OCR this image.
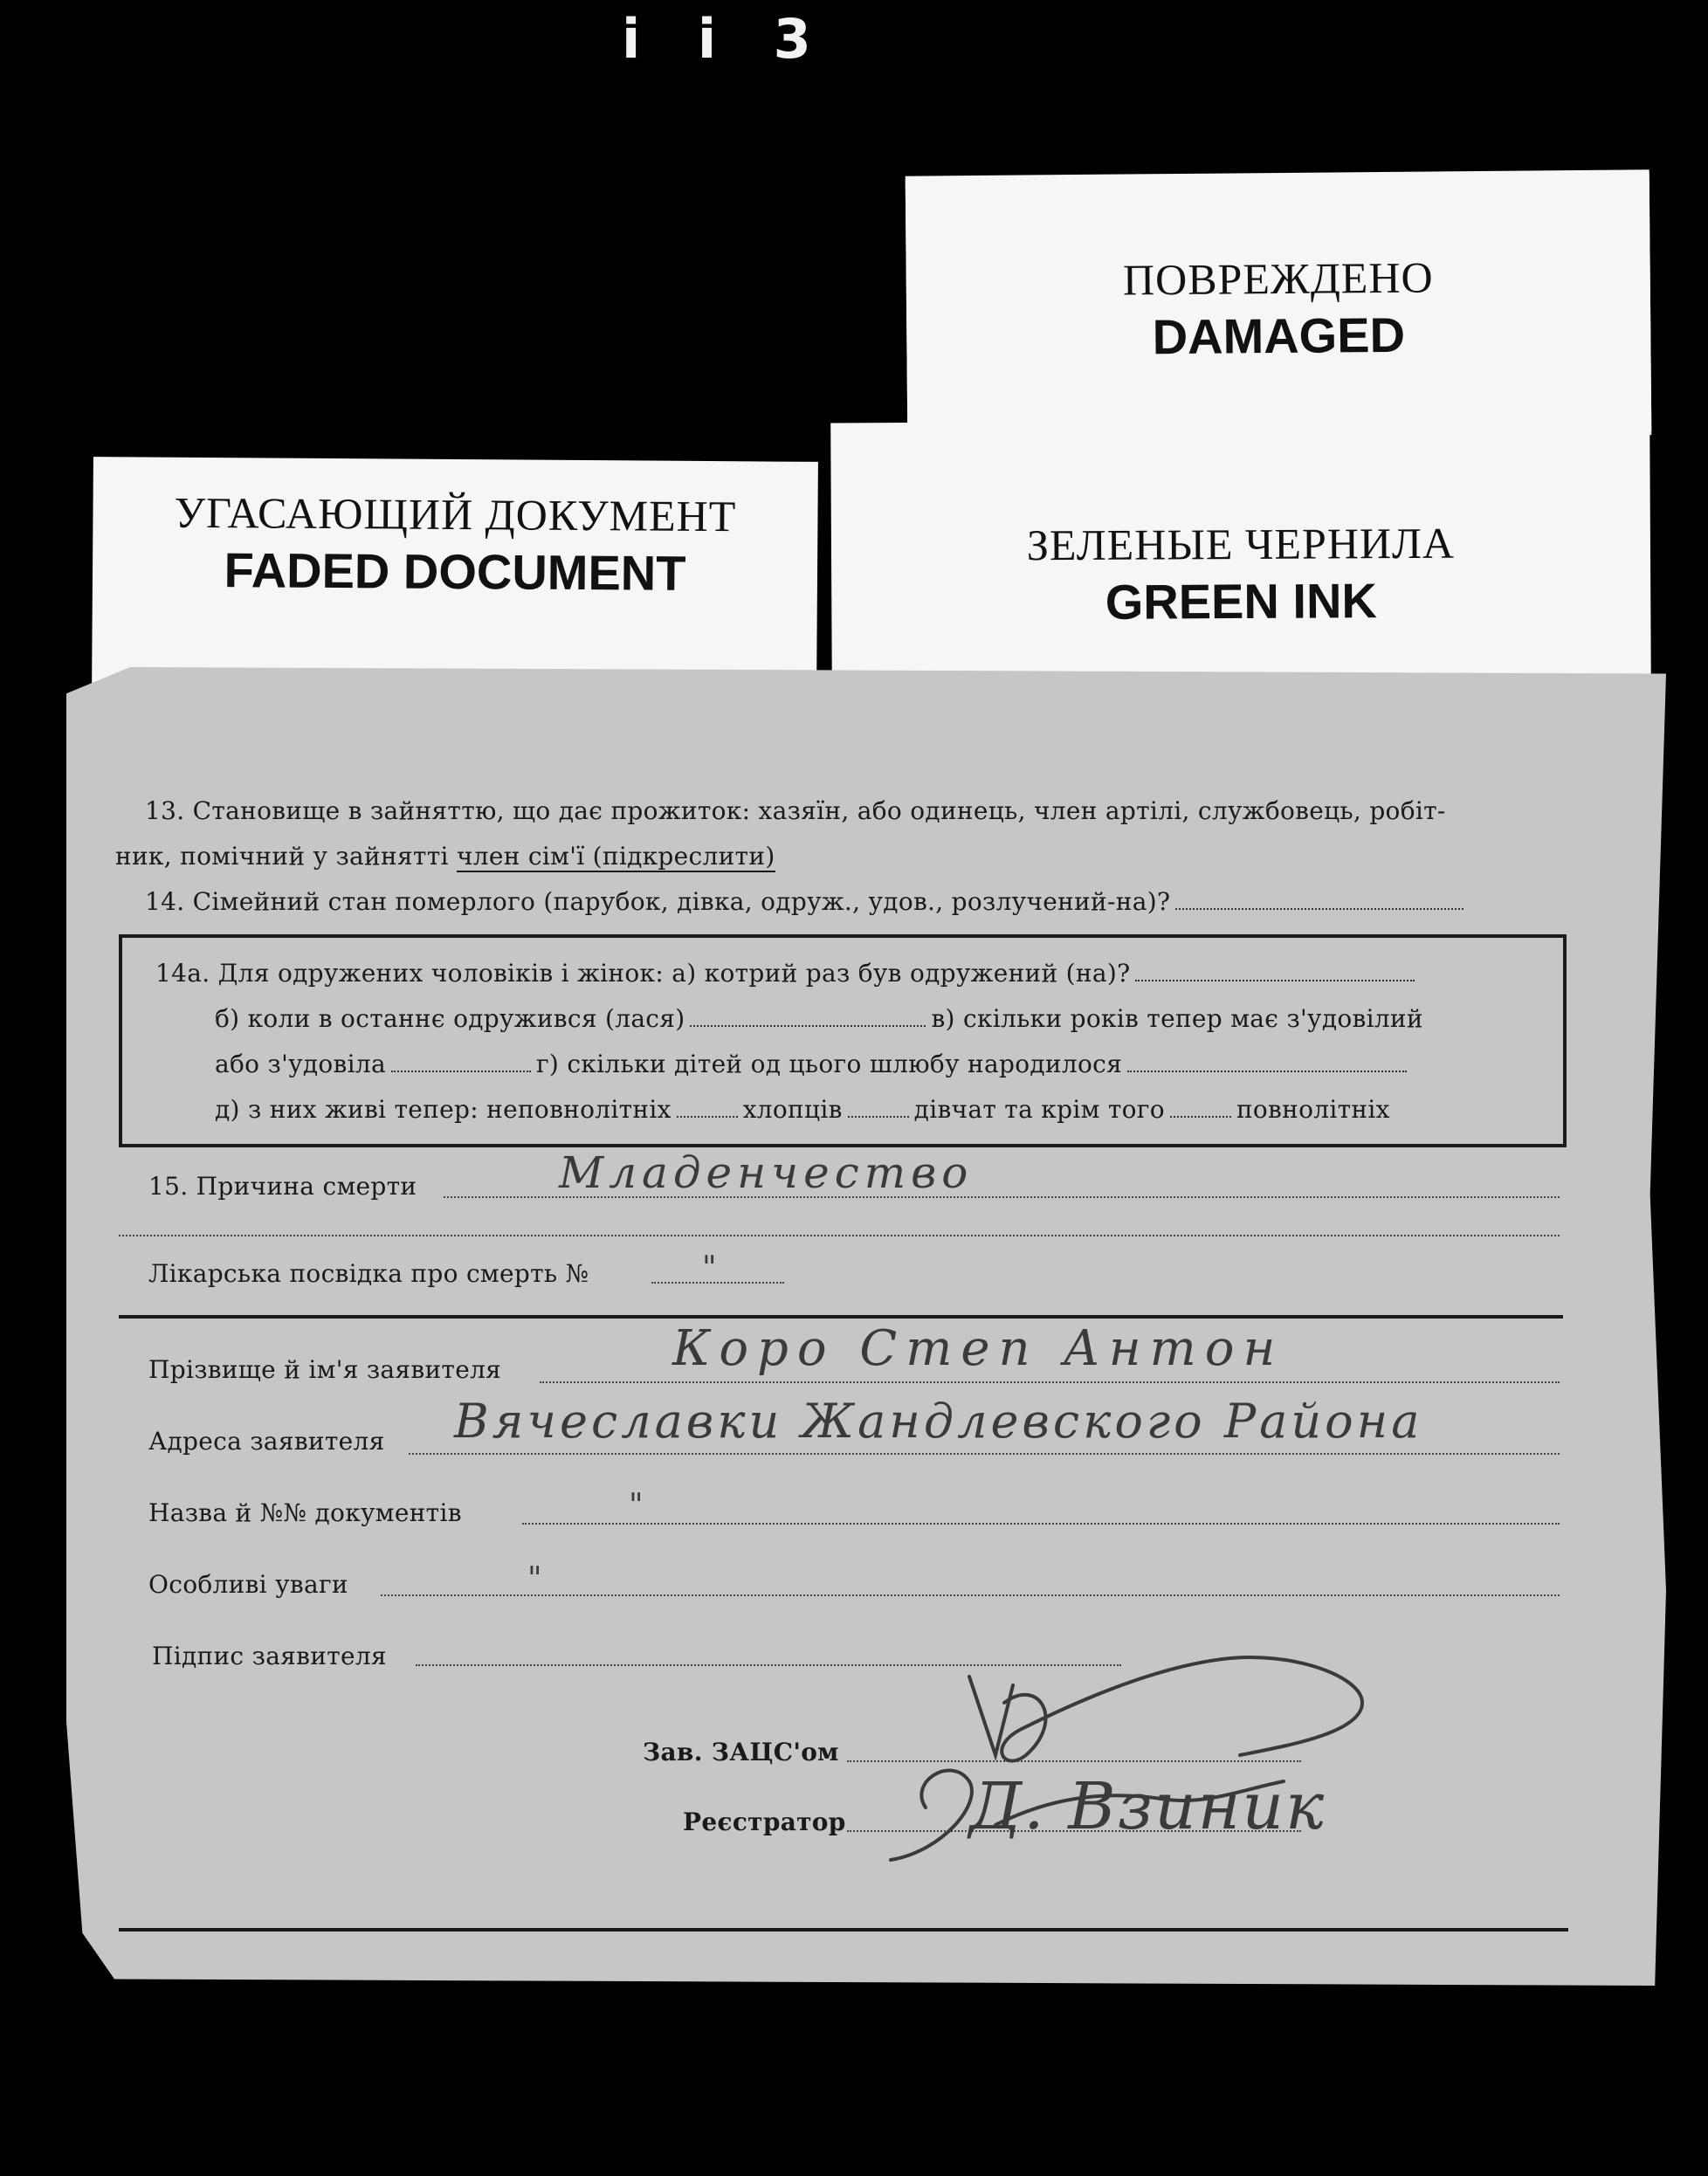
i i 3
ПОВРЕЖДЕНО
DAMAGED
ЗЕЛЕНЫЕ ЧЕРНИЛА
GREEN INK
УГАСАЮЩИЙ ДОКУМЕНТ
FADED DOCUMENT
13. Становище в зайняттю, що дає прожиток: хазяїн, або одинець, член артілі, службовець, робіт-
ник, помічний у зайнятті член сім'ї (підкреслити)
14. Сімейний стан померлого (парубок, дівка, одруж., удов., розлучений-на)?
14а. Для одружених чоловіків і жінок: а) котрий раз був одружений (на)?
б) коли в останнє одружився (лася)	в) скільки років тепер має з'удовілий
або з'удовіла	г) скільки дітей од цього шлюбу народилося
д) з них живі тепер: неповнолітніх	хлопців	дівчат та крім того	повнолітніх
15. Причина смерти	Младенчество
Лікарська посвідка про смерть №	"
Прізвище й ім'я заявителя	Коро Степ Антон
Адреса заявителя Вячеславки Жандлевского Района
Назва й №№ документів	"
Особливі уваги	"
Підпис заявителя
Зав. ЗАЦС'ом
Реєстратор Д. Взиник
